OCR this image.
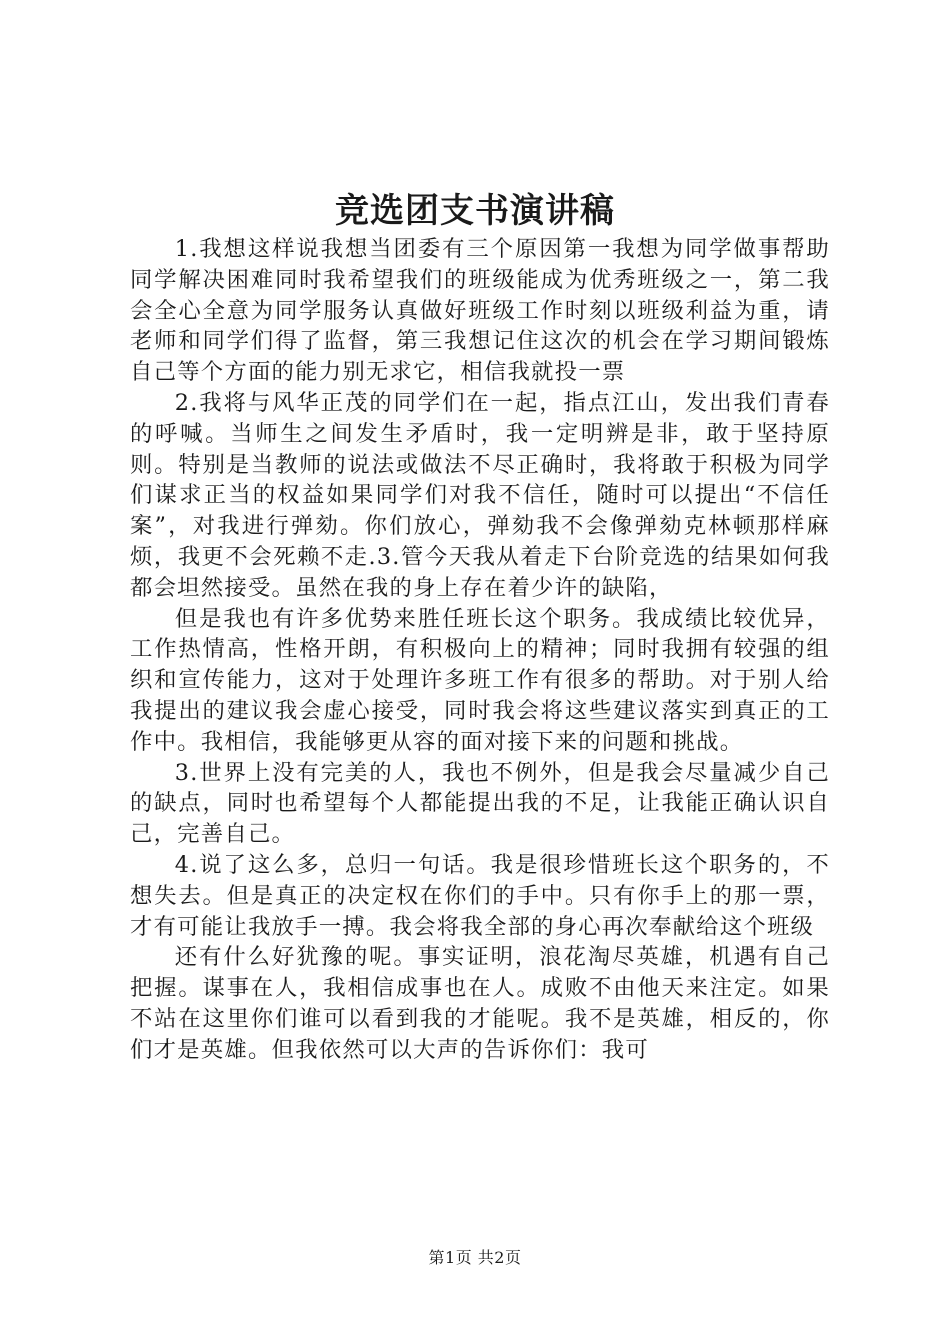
竞选团支书演讲稿

1.我想这样说我想当团委有三个原因第一我想为同学做事帮助同学解决困难同时我希望我们的班级能成为优秀班级之一，第二我会全心全意为同学服务认真做好班级工作时刻以班级利益为重，请老师和同学们得了监督，第三我想记住这次的机会在学习期间锻炼自己等个方面的能力别无求它，相信我就投一票

2.我将与风华正茂的同学们在一起，指点江山，发出我们青春的呼喊。当师生之间发生矛盾时，我一定明辨是非，敢于坚持原则。特别是当教师的说法或做法不尽正确时，我将敢于积极为同学们谋求正当的权益如果同学们对我不信任，随时可以提出“不信任案”，对我进行弹劾。你们放心，弹劾我不会像弹劾克林顿那样麻烦，我更不会死赖不走.3.管今天我从着走下台阶竞选的结果如何我都会坦然接受。虽然在我的身上存在着少许的缺陷，

但是我也有许多优势来胜任班长这个职务。我成绩比较优异，工作热情高，性格开朗，有积极向上的精神；同时我拥有较强的组织和宣传能力，这对于处理许多班工作有很多的帮助。对于别人给我提出的建议我会虚心接受，同时我会将这些建议落实到真正的工作中。我相信，我能够更从容的面对接下来的问题和挑战。

3.世界上没有完美的人，我也不例外，但是我会尽量减少自己的缺点，同时也希望每个人都能提出我的不足，让我能正确认识自己，完善自己。

4.说了这么多，总归一句话。我是很珍惜班长这个职务的，不想失去。但是真正的决定权在你们的手中。只有你手上的那一票，才有可能让我放手一搏。我会将我全部的身心再次奉献给这个班级

还有什么好犹豫的呢。事实证明，浪花淘尽英雄，机遇有自己把握。谋事在人，我相信成事也在人。成败不由他天来注定。如果不站在这里你们谁可以看到我的才能呢。我不是英雄，相反的，你们才是英雄。但我依然可以大声的告诉你们：我可

第1页 共2页
